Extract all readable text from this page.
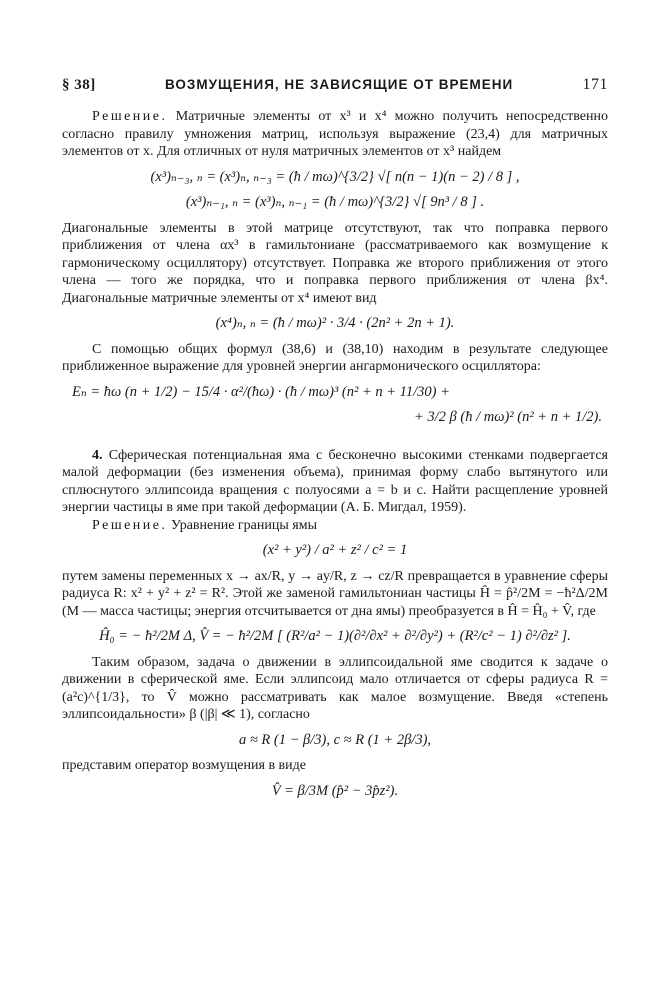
§ 38]	ВОЗМУЩЕНИЯ, НЕ ЗАВИСЯЩИЕ ОТ ВРЕМЕНИ	171

Решение. Матричные элементы от x³ и x⁴ можно получить непосредственно согласно правилу умножения матриц, используя выражение (23,4) для матричных элементов от x. Для отличных от нуля матричных элементов от x³ найдем

(x³)ₙ₋₃, ₙ = (x³)ₙ, ₙ₋₃ = (ħ / mω)^{3/2} √[ n(n − 1)(n − 2) / 8 ] ,
(x³)ₙ₋₁, ₙ = (x³)ₙ, ₙ₋₁ = (ħ / mω)^{3/2} √[ 9n³ / 8 ] .

Диагональные элементы в этой матрице отсутствуют, так что поправка первого приближения от члена αx³ в гамильтониане (рассматриваемого как возмущение к гармоническому осциллятору) отсутствует. Поправка же второго приближения от этого члена — того же порядка, что и поправка первого приближения от члена βx⁴. Диагональные матричные элементы от x⁴ имеют вид

(x⁴)ₙ, ₙ = (ħ / mω)² · 3/4 · (2n² + 2n + 1).

С помощью общих формул (38,6) и (38,10) находим в результате следующее приближенное выражение для уровней энергии ангармонического осциллятора:

Eₙ = ħω (n + 1/2) − 15/4 · α²/(ħω) · (ħ / mω)³ (n² + n + 11/30) +
+ 3/2 β (ħ / mω)² (n² + n + 1/2).

4. Сферическая потенциальная яма с бесконечно высокими стенками подвергается малой деформации (без изменения объема), принимая форму слабо вытянутого или сплюснутого эллипсоида вращения с полуосями a = b и c. Найти расщепление уровней энергии частицы в яме при такой деформации (А. Б. Мигдал, 1959).

Решение. Уравнение границы ямы

(x² + y²) / a² + z² / c² = 1

путем замены переменных x → ax/R, y → ay/R, z → cz/R превращается в уравнение сферы радиуса R: x² + y² + z² = R². Этой же заменой гамильтониан частицы Ĥ = p̂²/2M = −ħ²Δ/2M (M — масса частицы; энергия отсчитывается от дна ямы) преобразуется в Ĥ = Ĥ₀ + V̂, где

Ĥ₀ = − ħ²/2M Δ, V̂ = − ħ²/2M [ (R²/a² − 1)(∂²/∂x² + ∂²/∂y²) + (R²/c² − 1) ∂²/∂z² ].

Таким образом, задача о движении в эллипсоидальной яме сводится к задаче о движении в сферической яме. Если эллипсоид мало отличается от сферы радиуса R = (a²c)^{1/3}, то V̂ можно рассматривать как малое возмущение. Введя «степень эллипсоидальности» β (|β| ≪ 1), согласно

a ≈ R (1 − β/3), c ≈ R (1 + 2β/3),

представим оператор возмущения в виде

V̂ = β/3M (p̂² − 3p̂z²).
